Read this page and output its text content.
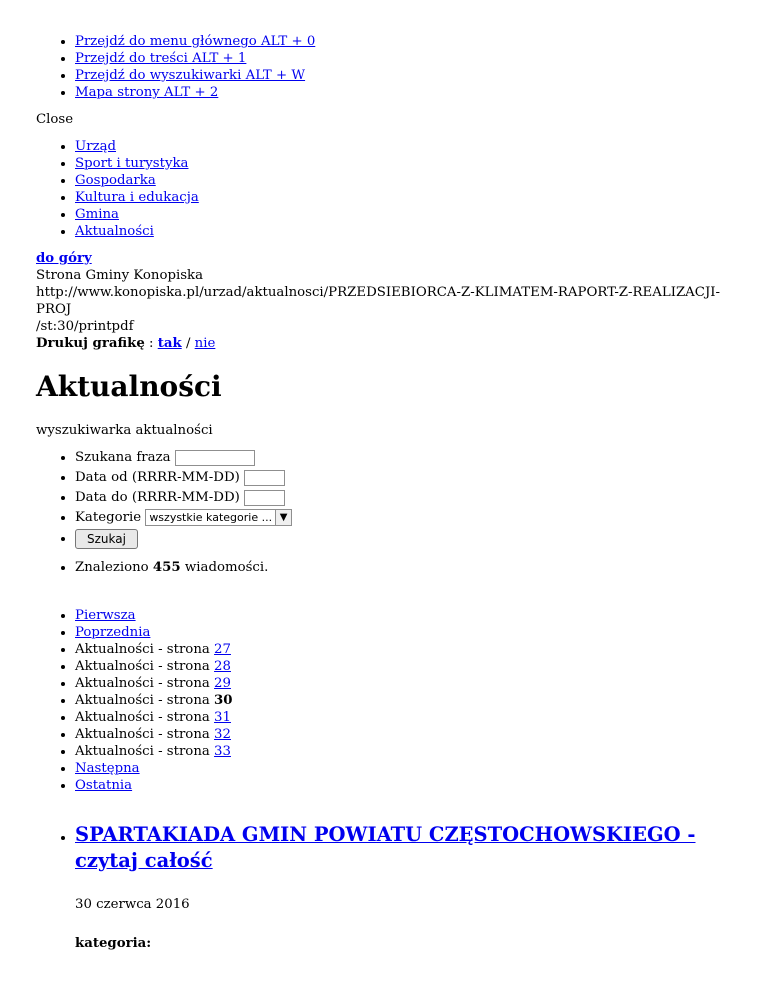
• Przejdź do menu głównego ALT + 0
• Przejdź do treści ALT + 1
• Przejdź do wyszukiwarki ALT + W
• Mapa strony ALT + 2
Close
• Urząd
• Sport i turystyka
• Gospodarka
• Kultura i edukacja
• Gmina
• Aktualności
do góry
Strona Gminy Konopiska
http://www.konopiska.pl/urzad/aktualnosci/PRZEDSIEBIORCA-Z-KLIMATEM-RAPORT-Z-REALIZACJI-PROJ
/st:30/printpdf
Drukuj grafikę : tak / nie
Aktualności
wyszukiwarka aktualności
• Szukana fraza
• Data od (RRRR-MM-DD)
• Data do (RRRR-MM-DD)
• Kategorie wszystkie kategorie ... ▼
• Szukaj
• Znaleziono 455 wiadomości.
• Pierwsza
• Poprzednia
• Aktualności - strona 27
• Aktualności - strona 28
• Aktualności - strona 29
• Aktualności - strona 30
• Aktualności - strona 31
• Aktualności - strona 32
• Aktualności - strona 33
• Następna
• Ostatnia
• SPARTAKIADA GMIN POWIATU CZĘSTOCHOWSKIEGO - czytaj całość
30 czerwca 2016
kategoria:
